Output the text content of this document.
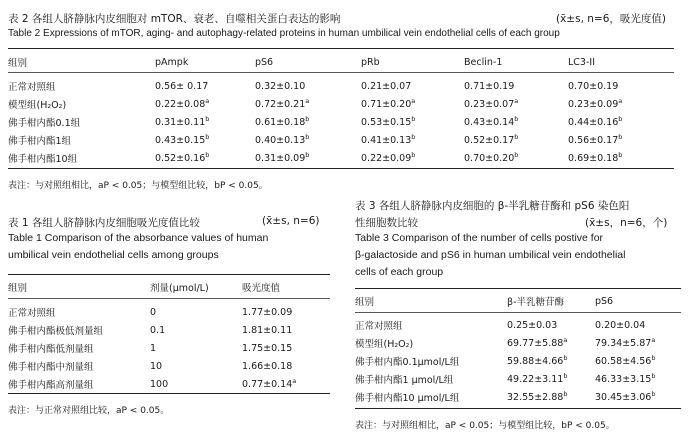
表 2 各组人脐静脉内皮细胞对 mTOR、衰老、自噬相关蛋白表达的影响	(x̄±s, n=6，吸光度值)
Table 2 Expressions of mTOR, aging- and autophagy-related proteins in human umbilical vein endothelial cells of each group
组别	pAmpk	pS6	pRb	Beclin-1	LC3-II

正常对照组	0.56± 0.17	0.32±0.10	0.21±0.07	0.71±0.19	0.70±0.19
模型组(H₂O₂)	0.22±0.08$^a$	0.72±0.21$^a$	0.71±0.20$^a$	0.23±0.07$^a$	0.23±0.09$^a$
佛手柑内酯0.1组	0.31±0.11$^b$	0.61±0.18$^b$	0.53±0.15$^b$	0.43±0.14$^b$	0.44±0.16$^b$
佛手柑内酯1组	0.43±0.15$^b$	0.40±0.13$^b$	0.41±0.13$^b$	0.52±0.17$^b$	0.56±0.17$^b$
佛手柑内酯10组	0.52±0.16$^b$	0.31±0.09$^b$	0.22±0.09$^b$	0.70±0.20$^b$	0.69±0.18$^b$
表注：与对照组相比，aP < 0.05；与模型组比较，bP < 0.05。
表 1 各组人脐静脉内皮细胞吸光度值比较	(x̄±s, n=6)
Table 1 Comparison of the absorbance values of human
umbilical vein endothelial cells among groups
组别	剂量(μmol/L)	吸光度值

正常对照组	0	1.77±0.09
佛手柑内酯极低剂量组	0.1	1.81±0.11
佛手柑内酯低剂量组	1	1.75±0.15
佛手柑内酯中剂量组	10	1.66±0.18
佛手柑内酯高剂量组	100	0.77±0.14$^a$
表注：与正常对照组比较，aP < 0.05。
表 3 各组人脐静脉内皮细胞的 β-半乳糖苷酶和 pS6 染色阳
性细胞数比较	(x̄±s，n=6，个)
Table 3 Comparison of the number of cells postive for
β-galactoside and pS6 in human umbilical vein endothelial
cells of each group
组别	β-半乳糖苷酶	pS6

正常对照组	0.25±0.03	0.20±0.04
模型组(H₂O₂)	69.77±5.88$^a$	79.34±5.87$^a$
佛手柑内酯0.1μmol/L组	59.88±4.66$^b$	60.58±4.56$^b$
佛手柑内酯1 μmol/L组	49.22±3.11$^b$	46.33±3.15$^b$
佛手柑内酯10 μmol/L组	32.55±2.88$^b$	30.45±3.06$^b$
表注：与对照组相比，aP < 0.05；与模型组比较，bP < 0.05。
